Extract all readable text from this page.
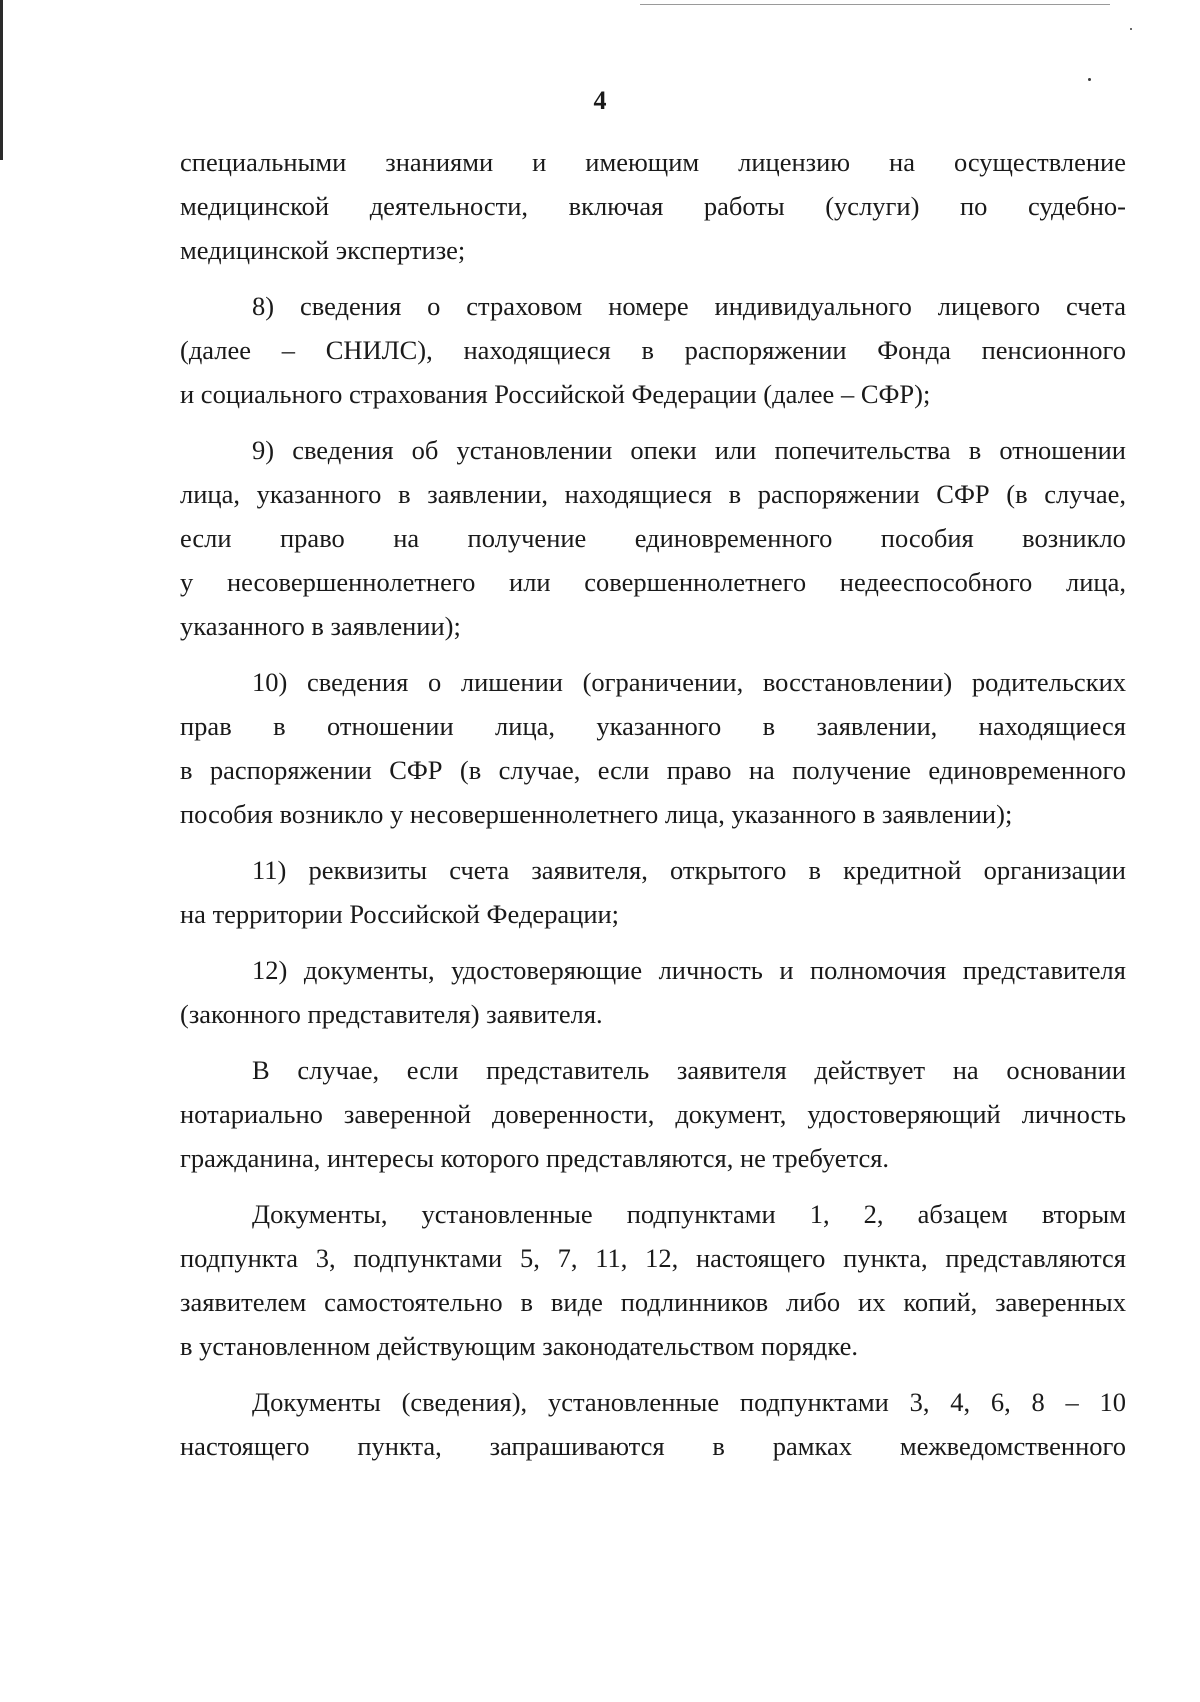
4
специальными знаниями и имеющим лицензию на осуществление
медицинской деятельности, включая работы (услуги) по судебно-
медицинской экспертизе;
8) сведения о страховом номере индивидуального лицевого счета
(далее – СНИЛС), находящиеся в распоряжении Фонда пенсионного
и социального страхования Российской Федерации (далее – СФР);
9) сведения об установлении опеки или попечительства в отношении
лица, указанного в заявлении, находящиеся в распоряжении СФР (в случае,
если право на получение единовременного пособия возникло
у несовершеннолетнего или совершеннолетнего недееспособного лица,
указанного в заявлении);
10) сведения о лишении (ограничении, восстановлении) родительских
прав в отношении лица, указанного в заявлении, находящиеся
в распоряжении СФР (в случае, если право на получение единовременного
пособия возникло у несовершеннолетнего лица, указанного в заявлении);
11) реквизиты счета заявителя, открытого в кредитной организации
на территории Российской Федерации;
12) документы, удостоверяющие личность и полномочия представителя
(законного представителя) заявителя.
В случае, если представитель заявителя действует на основании
нотариально заверенной доверенности, документ, удостоверяющий личность
гражданина, интересы которого представляются, не требуется.
Документы, установленные подпунктами 1, 2, абзацем вторым
подпункта 3, подпунктами 5, 7, 11, 12, настоящего пункта, представляются
заявителем самостоятельно в виде подлинников либо их копий, заверенных
в установленном действующим законодательством порядке.
Документы (сведения), установленные подпунктами 3, 4, 6, 8 – 10
настоящего пункта, запрашиваются в рамках межведомственного
